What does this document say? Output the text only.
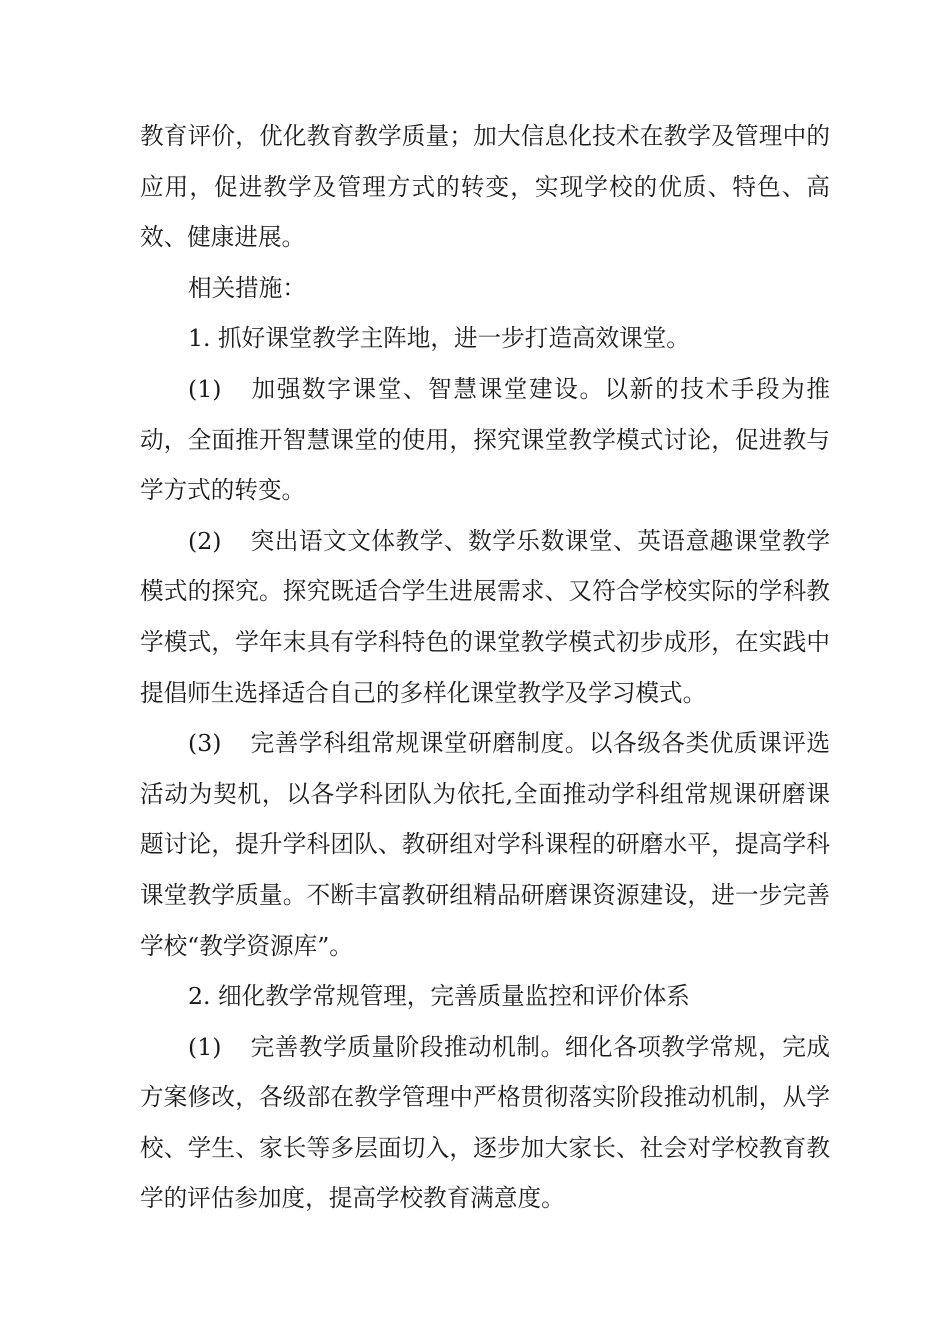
教育评价，优化教育教学质量；加大信息化技术在教学及管理中的应用，促进教学及管理方式的转变，实现学校的优质、特色、高效、健康进展。

相关措施：

1. 抓好课堂教学主阵地，进一步打造高效课堂。

(1) 加强数字课堂、智慧课堂建设。以新的技术手段为推动，全面推开智慧课堂的使用，探究课堂教学模式讨论，促进教与学方式的转变。

(2) 突出语文文体教学、数学乐数课堂、英语意趣课堂教学模式的探究。探究既适合学生进展需求、又符合学校实际的学科教学模式，学年末具有学科特色的课堂教学模式初步成形，在实践中提倡师生选择适合自己的多样化课堂教学及学习模式。

(3) 完善学科组常规课堂研磨制度。以各级各类优质课评选活动为契机，以各学科团队为依托,全面推动学科组常规课研磨课题讨论，提升学科团队、教研组对学科课程的研磨水平，提高学科课堂教学质量。不断丰富教研组精品研磨课资源建设，进一步完善学校“教学资源库”。

2. 细化教学常规管理，完善质量监控和评价体系

(1) 完善教学质量阶段推动机制。细化各项教学常规，完成方案修改，各级部在教学管理中严格贯彻落实阶段推动机制，从学校、学生、家长等多层面切入，逐步加大家长、社会对学校教育教学的评估参加度，提高学校教育满意度。
